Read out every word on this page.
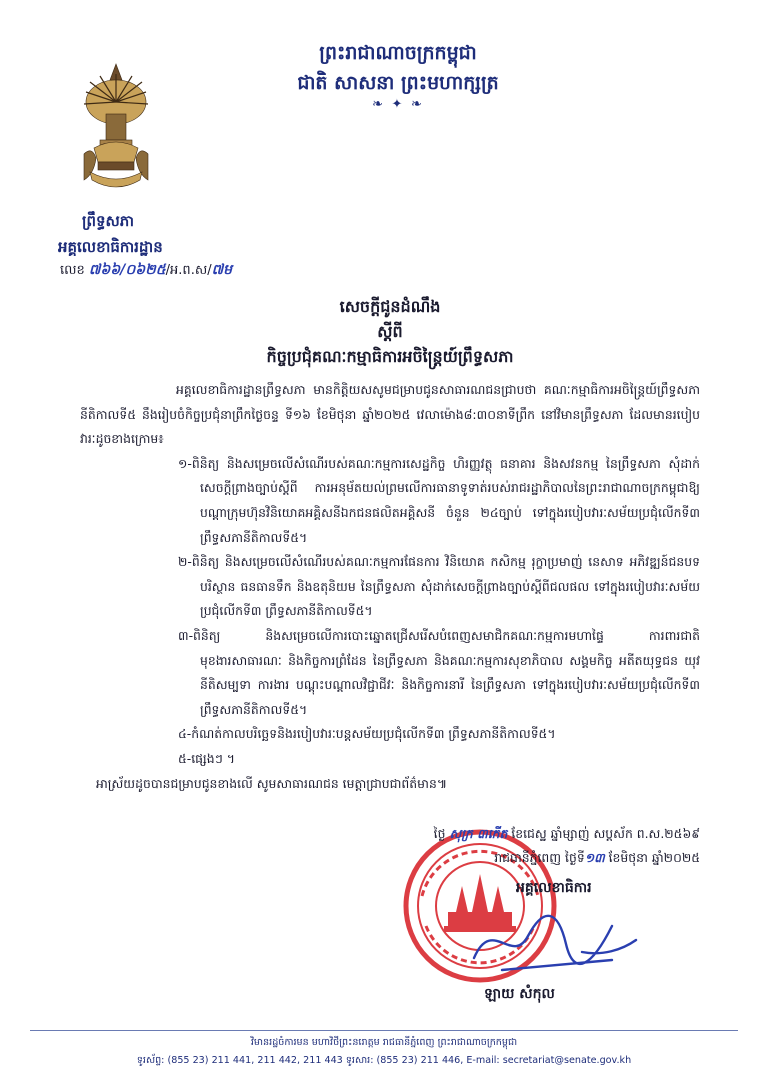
ព្រះរាជាណាចក្រកម្ពុជា
ជាតិ សាសនា ព្រះមហាក្សត្រ
❧ ✦ ❧
ព្រឹទ្ធសភា
អគ្គលេខាធិការដ្ឋាន
លេខ ៧៦៦/០៦២៥/អ.ព.ស/៧ម
សេចក្តីជូនដំណឹង
ស្តីពី
កិច្ចប្រជុំគណៈកម្មាធិការអចិន្ត្រៃយ៍ព្រឹទ្ធសភា

អគ្គលេខាធិការដ្ឋានព្រឹទ្ធសភា មានកិត្តិយសសូមជម្រាបជូនសាធារណជនជ្រាបថា គណៈកម្មាធិការអចិន្ត្រៃយ៍ព្រឹទ្ធសភានីតិកាលទី៥ នឹងរៀបចំកិច្ចប្រជុំនាព្រឹកថ្ងៃចន្ទ ទី១៦ ខែមិថុនា ឆ្នាំ២០២៥ វេលាម៉ោង៨:៣០នាទីព្រឹក នៅវិមានព្រឹទ្ធសភា ដែលមានរបៀបវារៈដូចខាងក្រោម៖

១-ពិនិត្យ និងសម្រេចលើសំណើរបស់គណៈកម្មការសេដ្ឋកិច្ច ហិរញ្ញវត្ថុ ធនាគារ និងសវនកម្ម នៃព្រឹទ្ធសភា សុំដាក់សេចក្តីព្រាងច្បាប់ស្តីពី ការអនុម័តយល់ព្រមលើការធានាទូទាត់របស់រាជរដ្ឋាភិបាលនៃព្រះរាជាណាចក្រកម្ពុជាឱ្យបណ្តាក្រុមហ៊ុនវិនិយោគអគ្គិសនីឯកជនផលិតអគ្គិសនី ចំនួន ២៤ច្បាប់ ទៅក្នុងរបៀបវារៈសម័យប្រជុំលើកទី៣ ព្រឹទ្ធសភានីតិកាលទី៥។

២-ពិនិត្យ និងសម្រេចលើសំណើរបស់គណៈកម្មការផែនការ វិនិយោគ កសិកម្ម រុក្ខាប្រមាញ់ នេសាទ អភិវឌ្ឍន៍ជនបទ បរិស្ថាន ធនធានទឹក និងឧតុនិយម នៃព្រឹទ្ធសភា សុំដាក់សេចក្តីព្រាងច្បាប់ស្តីពីជលផល ទៅក្នុងរបៀបវារៈសម័យប្រជុំលើកទី៣ ព្រឹទ្ធសភានីតិកាលទី៥។

៣-ពិនិត្យ និងសម្រេចលើការបោះឆ្នោតជ្រើសរើសបំពេញសមាជិកគណៈកម្មការមហាផ្ទៃ ការពារជាតិ មុខងារសាធារណៈ និងកិច្ចការព្រំដែន នៃព្រឹទ្ធសភា និងគណៈកម្មការសុខាភិបាល សង្គមកិច្ច អតីតយុទ្ធជន យុវនីតិសម្បទា ការងារ បណ្តុះបណ្តាលវិជ្ជាជីវៈ និងកិច្ចការនារី នៃព្រឹទ្ធសភា ទៅក្នុងរបៀបវារៈសម័យប្រជុំលើកទី៣ ព្រឹទ្ធសភានីតិកាលទី៥។

៤-កំណត់កាលបរិច្ឆេទនិងរបៀបវារៈបន្តសម័យប្រជុំលើកទី៣ ព្រឹទ្ធសភានីតិកាលទី៥។

៥-ផ្សេងៗ ។

អាស្រ័យដូចបានជម្រាបជូនខាងលើ សូមសាធារណជន មេត្តាជ្រាបជាព័ត៌មាន៕

ថ្ងៃ សុក្រ ៣កើត ខែជេស្ឋ ឆ្នាំម្សាញ់ សប្តស័ក ព.ស.២៥៦៩
រាជធានីភ្នំពេញ ថ្ងៃទី១៣ ខែមិថុនា ឆ្នាំ២០២៥
អគ្គលេខាធិការ
ឡាយ សំកុល
វិមានរដ្ឋចំការមន មហាវិថីព្រះនរោត្តម រាជធានីភ្នំពេញ ព្រះរាជាណាចក្រកម្ពុជា
ទូរស័ព្ទ: (855 23) 211 441, 211 442, 211 443 ទូរសារ: (855 23) 211 446, E-mail: secretariat@senate.gov.kh
